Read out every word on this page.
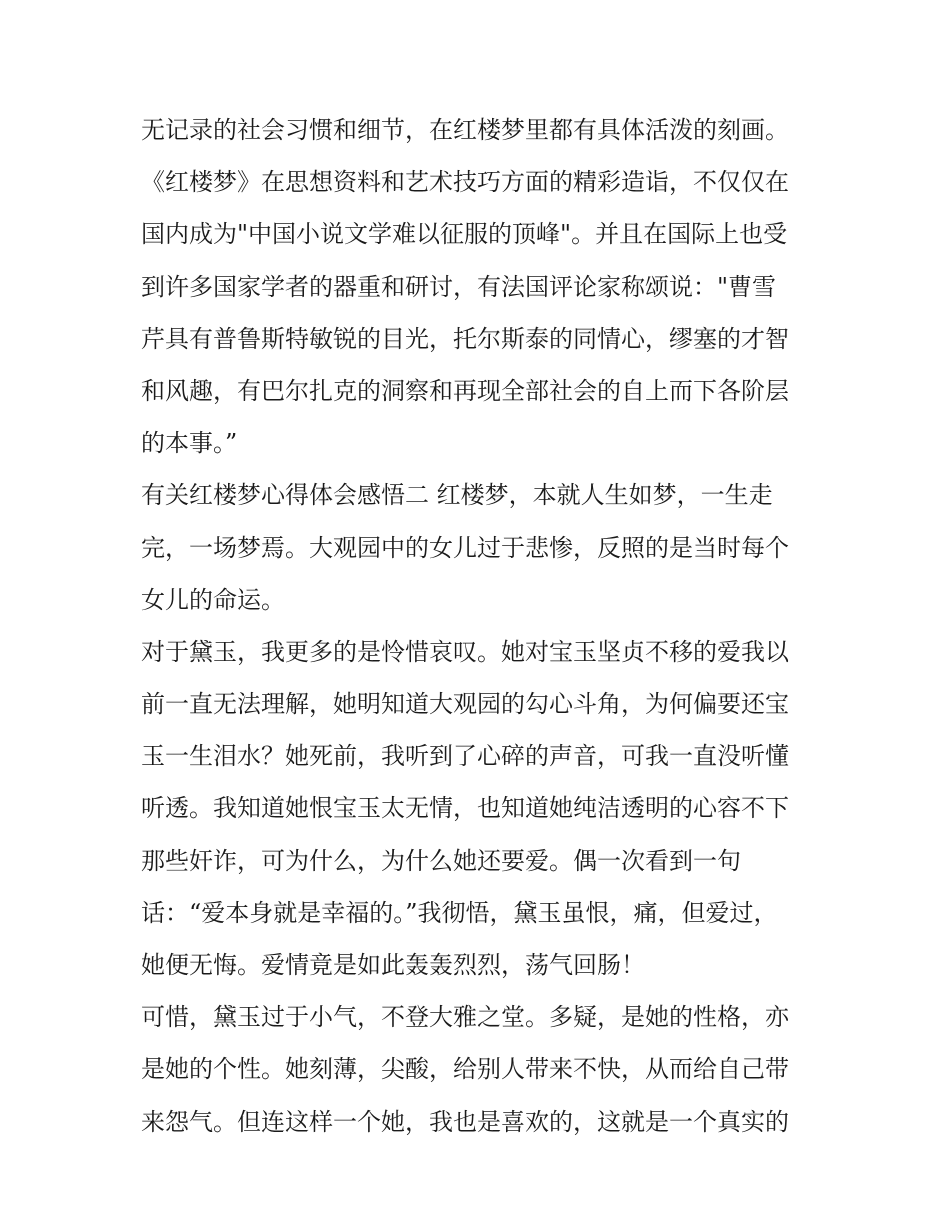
无记录的社会习惯和细节，在红楼梦里都有具体活泼的刻画。
《红楼梦》在思想资料和艺术技巧方面的精彩造诣，不仅仅在
国内成为"中国小说文学难以征服的顶峰"。并且在国际上也受
到许多国家学者的器重和研讨，有法国评论家称颂说："曹雪
芹具有普鲁斯特敏锐的目光，托尔斯泰的同情心，缪塞的才智
和风趣，有巴尔扎克的洞察和再现全部社会的自上而下各阶层
的本事。”
有关红楼梦心得体会感悟二 红楼梦，本就人生如梦，一生走
完，一场梦焉。大观园中的女儿过于悲惨，反照的是当时每个
女儿的命运。
对于黛玉，我更多的是怜惜哀叹。她对宝玉坚贞不移的爱我以
前一直无法理解，她明知道大观园的勾心斗角，为何偏要还宝
玉一生泪水？她死前，我听到了心碎的声音，可我一直没听懂
听透。我知道她恨宝玉太无情，也知道她纯洁透明的心容不下
那些奸诈，可为什么，为什么她还要爱。偶一次看到一句
话：“爱本身就是幸福的。”我彻悟，黛玉虽恨，痛，但爱过，
她便无悔。爱情竟是如此轰轰烈烈，荡气回肠！
可惜，黛玉过于小气，不登大雅之堂。多疑，是她的性格，亦
是她的个性。她刻薄，尖酸，给别人带来不快，从而给自己带
来怨气。但连这样一个她，我也是喜欢的，这就是一个真实的
